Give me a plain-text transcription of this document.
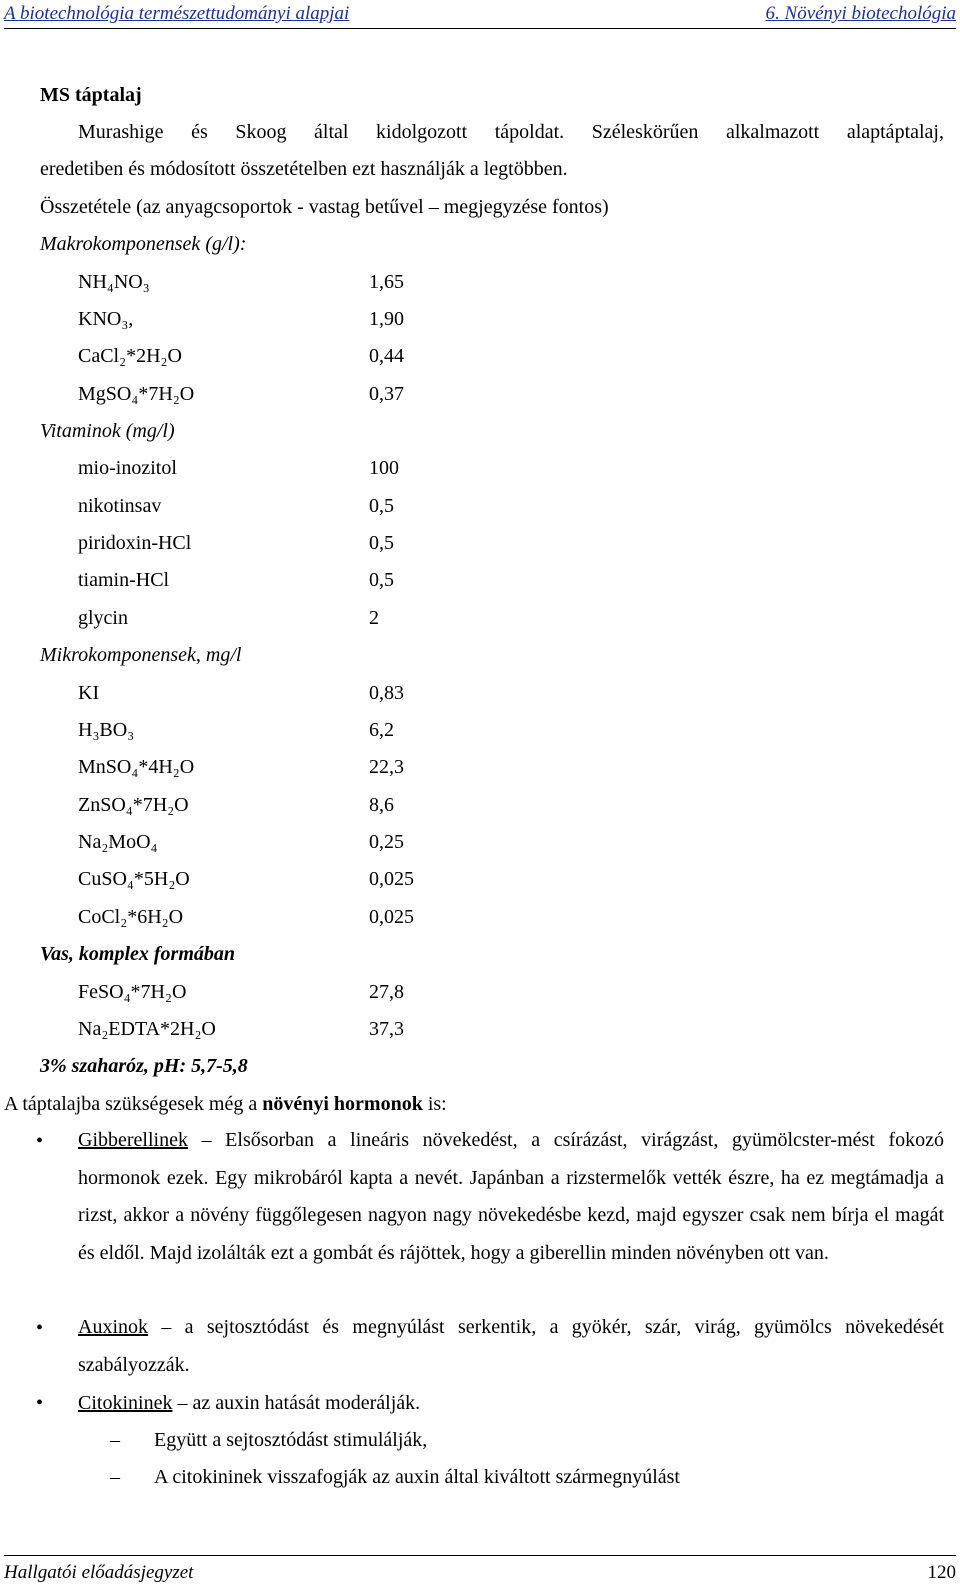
A biotechnológia természettudományi alapjai	6. Növényi biotechológia
MS táptalaj
Murashige és Skoog által kidolgozott tápoldat. Széleskörűen alkalmazott alaptáptalaj,
eredetiben és módosított összetételben ezt használják a legtöbben.
Összetétele (az anyagcsoportok - vastag betűvel – megjegyzése fontos)
Makrokomponensek (g/l):
NH₄NO₃	1,65
KNO₃,	1,90
CaCl₂*2H₂O	0,44
MgSO₄*7H₂O	0,37
Vitaminok (mg/l)
mio-inozitol	100
nikotinsav	0,5
piridoxin-HCl	0,5
tiamin-HCl	0,5
glycin	2
Mikrokomponensek, mg/l
KI	0,83
H₃BO₃	6,2
MnSO₄*4H₂O	22,3
ZnSO₄*7H₂O	8,6
Na₂MoO₄	0,25
CuSO₄*5H₂O	0,025
CoCl₂*6H₂O	0,025
Vas, komplex formában
FeSO₄*7H₂O	27,8
Na₂EDTA*2H₂O	37,3
3% szaharóz, pH: 5,7-5,8
A táptalajba szükségesek még a növényi hormonok is:
• Gibberellinek – Elsősorban a lineáris növekedést, a csírázást, virágzást, gyümölcster-mést fokozó hormonok ezek. Egy mikrobáról kapta a nevét. Japánban a rizstermelők vették észre, ha ez megtámadja a rizst, akkor a növény függőlegesen nagyon nagy növekedésbe kezd, majd egyszer csak nem bírja el magát és eldől. Majd izolálták ezt a gombát és rájöttek, hogy a giberellin minden növényben ott van.
• Auxinok – a sejtosztódást és megnyúlást serkentik, a gyökér, szár, virág, gyümölcs növekedését szabályozzák.
• Citokininek – az auxin hatását moderálják.
– Együtt a sejtosztódást stimulálják,
– A citokininek visszafogják az auxin által kiváltott szármegnyúlást
Hallgatói előadásjegyzet	120
